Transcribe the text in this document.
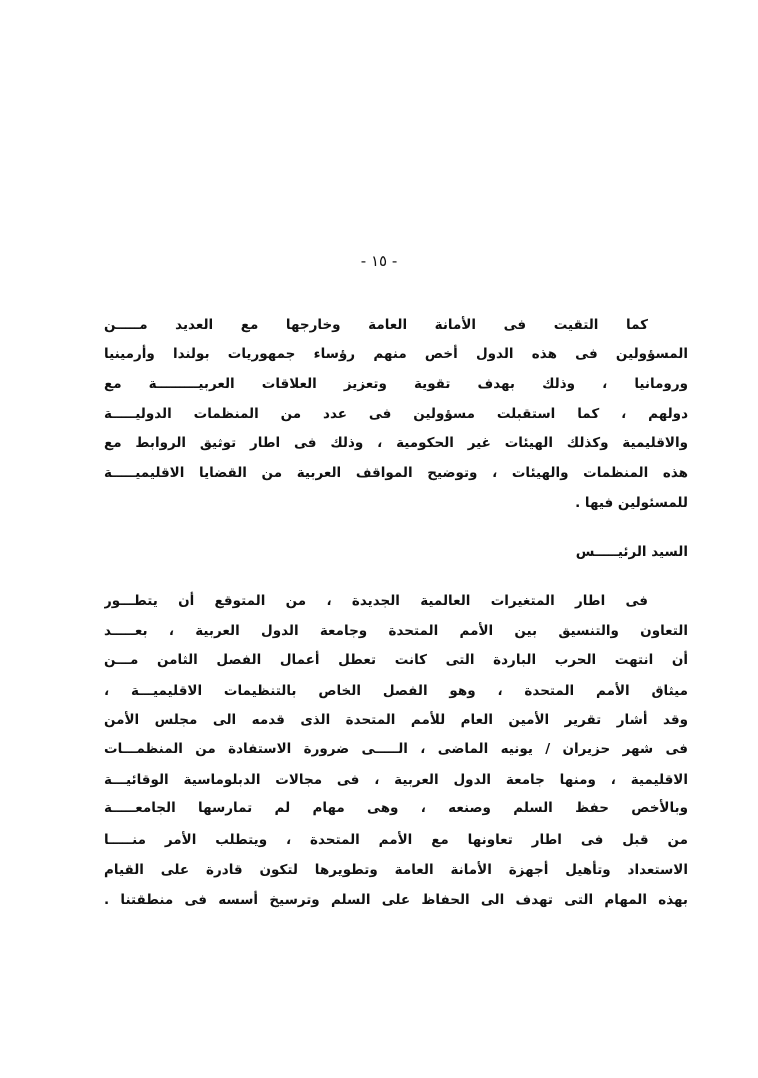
- ١٥ -
كما التقيت فى الأمانة العامة وخارجها مع العديد مـــــن
المسؤولين فى هذه الدول أخص منهم رؤساء جمهوريات بولندا وأرمينيا
ورومانيا ، وذلك بهدف تقوية وتعزيز العلاقات العربيـــــــــة مع
دولهم ، كما استقبلت مسؤولين فى عدد من المنظمات الدوليـــــة
والاقليمية وكذلك الهيئات غير الحكومية ، وذلك فى اطار توثيق الروابط مع
هذه المنظمات والهيئات ، وتوضيح المواقف العربية من القضايا الاقليميـــــة
للمسئولين فيها .
السيد الرئيـــــس
فى اطار المتغيرات العالمية الجديدة ، من المتوقع أن يتطـــور
التعاون والتنسيق بين الأمم المتحدة وجامعة الدول العربية ، بعـــــد
أن انتهت الحرب الباردة التى كانت تعطل أعمال الفصل الثامن مـــن
ميثاق الأمم المتحدة ، وهو الفصل الخاص بالتنظيمات الاقليميـــة ،
وقد أشار تقرير الأمين العام للأمم المتحدة الذى قدمه الى مجلس الأمن
فى شهر حزيران / يونيه الماضى ، الـــــى ضرورة الاستفادة من المنظمـــات
الاقليمية ، ومنها جامعة الدول العربية ، فى مجالات الدبلوماسية الوقائيـــة
وبالأخص حفظ السلم وصنعه ، وهى مهام لم تمارسها الجامعـــــة
من قبل فى اطار تعاونها مع الأمم المتحدة ، ويتطلب الأمر منـــــا
الاستعداد وتأهيل أجهزة الأمانة العامة وتطويرها لتكون قادرة على القيام
بهذه المهام التى تهدف الى الحفاظ على السلم وترسيخ أسسه فى منطقتنا .
